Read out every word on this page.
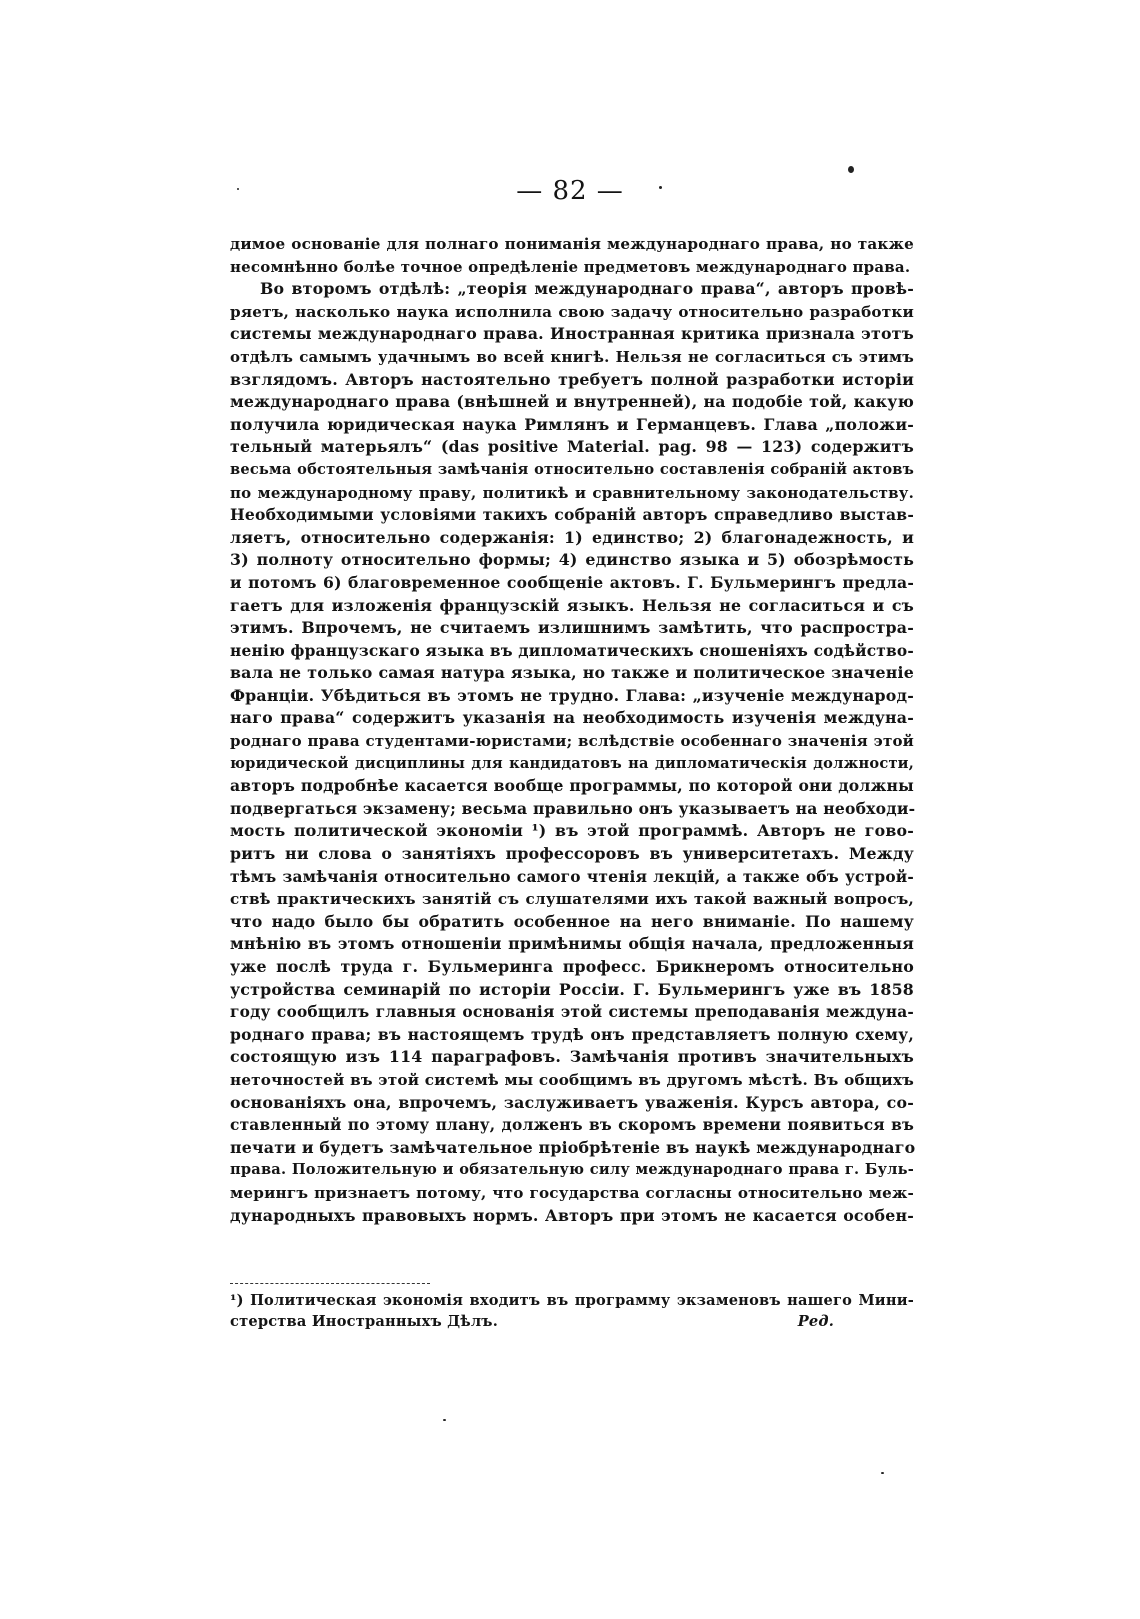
— 82 —
димое основаніе для полнаго пониманія международнаго права, но также
несомнѣнно болѣе точное опредѣленіе предметовъ международнаго права.
Во второмъ отдѣлѣ: „теорія международнаго права“, авторъ провѣ-
ряетъ, насколько наука исполнила свою задачу относительно разработки
системы международнаго права. Иностранная критика признала этотъ
отдѣлъ самымъ удачнымъ во всей книгѣ. Нельзя не согласиться съ этимъ
взглядомъ. Авторъ настоятельно требуетъ полной разработки исторіи
международнаго права (внѣшней и внутренней), на подобіе той, какую
получила юридическая наука Римлянъ и Германцевъ. Глава „положи-
тельный матерьялъ“ (das positive Material. pag. 98 — 123) содержитъ
весьма обстоятельныя замѣчанія относительно составленія собраній актовъ
по международному праву, политикѣ и сравнительному законодательству.
Необходимыми условіями такихъ собраній авторъ справедливо выстав-
ляетъ, относительно содержанія: 1) единство; 2) благонадежность, и
3) полноту относительно формы; 4) единство языка и 5) обозрѣмость
и потомъ 6) благовременное сообщеніе актовъ. Г. Бульмерингъ предла-
гаетъ для изложенія французскій языкъ. Нельзя не согласиться и съ
этимъ. Впрочемъ, не считаемъ излишнимъ замѣтить, что распростра-
ненію французскаго языка въ дипломатическихъ сношеніяхъ содѣйство-
вала не только самая натура языка, но также и политическое значеніе
Франціи. Убѣдиться въ этомъ не трудно. Глава: „изученіе международ-
наго права“ содержитъ указанія на необходимость изученія междуна-
роднаго права студентами-юристами; вслѣдствіе особеннаго значенія этой
юридической дисциплины для кандидатовъ на дипломатическія должности,
авторъ подробнѣе касается вообще программы, по которой они должны
подвергаться экзамену; весьма правильно онъ указываетъ на необходи-
мость политической экономіи ¹) въ этой программѣ. Авторъ не гово-
ритъ ни слова о занятіяхъ профессоровъ въ университетахъ. Между
тѣмъ замѣчанія относительно самого чтенія лекцій, а также объ устрой-
ствѣ практическихъ занятій съ слушателями ихъ такой важный вопросъ,
что надо было бы обратить особенное на него вниманіе. По нашему
мнѣнію въ этомъ отношеніи примѣнимы общія начала, предложенныя
уже послѣ труда г. Бульмеринга професс. Брикнеромъ относительно
устройства семинарій по исторіи Россіи. Г. Бульмерингъ уже въ 1858
году сообщилъ главныя основанія этой системы преподаванія междуна-
роднаго права; въ настоящемъ трудѣ онъ представляетъ полную схему,
состоящую изъ 114 параграфовъ. Замѣчанія противъ значительныхъ
неточностей въ этой системѣ мы сообщимъ въ другомъ мѣстѣ. Въ общихъ
основаніяхъ она, впрочемъ, заслуживаетъ уваженія. Курсъ автора, со-
ставленный по этому плану, долженъ въ скоромъ времени появиться въ
печати и будетъ замѣчательное пріобрѣтеніе въ наукѣ международнаго
права. Положительную и обязательную силу международнаго права г. Буль-
мерингъ признаетъ потому, что государства согласны относительно меж-
дународныхъ правовыхъ нормъ. Авторъ при этомъ не касается особен-
¹) Политическая экономія входитъ въ программу экзаменовъ нашего Мини-
стерства Иностранныхъ Дѣлъ.	Ред.
